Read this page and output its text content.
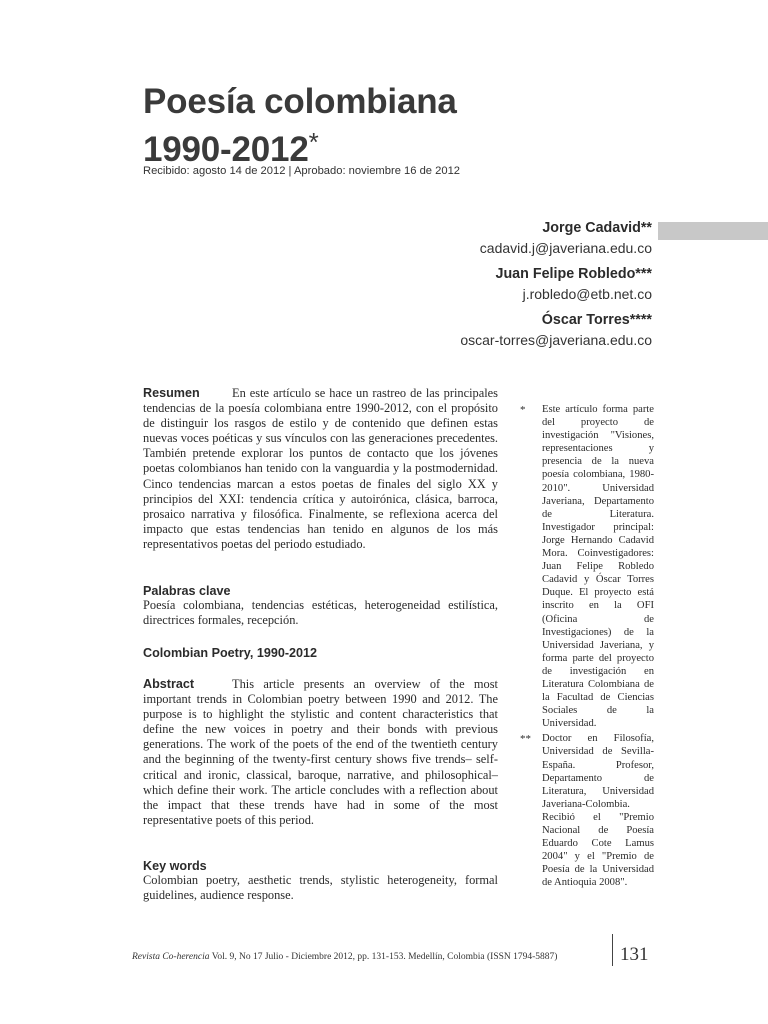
Poesía colombiana
1990-2012*
Recibido: agosto 14 de 2012 | Aprobado: noviembre 16 de 2012
Jorge Cadavid**
cadavid.j@javeriana.edu.co
Juan Felipe Robledo***
j.robledo@etb.net.co
Óscar Torres****
oscar-torres@javeriana.edu.co
Resumen	En este artículo se hace un rastreo de las principales tendencias de la poesía colombiana entre 1990-2012, con el propósito de distinguir los rasgos de estilo y de contenido que definen estas nuevas voces poéticas y sus vínculos con las generaciones precedentes. También pretende explorar los puntos de contacto que los jóvenes poetas colombianos han tenido con la vanguardia y la postmodernidad. Cinco tendencias marcan a estos poetas de finales del siglo XX y principios del XXI: tendencia crítica y autoirónica, clásica, barroca, prosaico narrativa y filosófica. Finalmente, se reflexiona acerca del impacto que estas tendencias han tenido en algunos de los más representativos poetas del periodo estudiado.
Palabras clave
Poesía colombiana, tendencias estéticas, heterogeneidad estilística, directrices formales, recepción.
Colombian Poetry, 1990-2012
Abstract	This article presents an overview of the most important trends in Colombian poetry between 1990 and 2012. The purpose is to highlight the stylistic and content characteristics that define the new voices in poetry and their bonds with previous generations. The work of the poets of the end of the twentieth century and the beginning of the twenty-first century shows five trends– self-critical and ironic, classical, baroque, narrative, and philosophical– which define their work. The article concludes with a reflection about the impact that these trends have had in some of the most representative poets of this period.
Key words
Colombian poetry, aesthetic trends, stylistic heterogeneity, formal guidelines, audience response.
* Este artículo forma parte del proyecto de investigación "Visiones, representaciones y presencia de la nueva poesía colombiana, 1980-2010". Universidad Javeriana, Departamento de Literatura. Investigador principal: Jorge Hernando Cadavid Mora. Coinvestigadores: Juan Felipe Robledo Cadavid y Óscar Torres Duque. El proyecto está inscrito en la OFI (Oficina de Investigaciones) de la Universidad Javeriana, y forma parte del proyecto de investigación en Literatura Colombiana de la Facultad de Ciencias Sociales de la Universidad.
** Doctor en Filosofía, Universidad de Sevilla-España. Profesor, Departamento de Literatura, Universidad Javeriana-Colombia. Recibió el "Premio Nacional de Poesía Eduardo Cote Lamus 2004" y el "Premio de Poesía de la Universidad de Antioquia 2008".
Revista Co-herencia Vol. 9, No 17 Julio - Diciembre 2012, pp. 131-153. Medellín, Colombia (ISSN 1794-5887)	131
